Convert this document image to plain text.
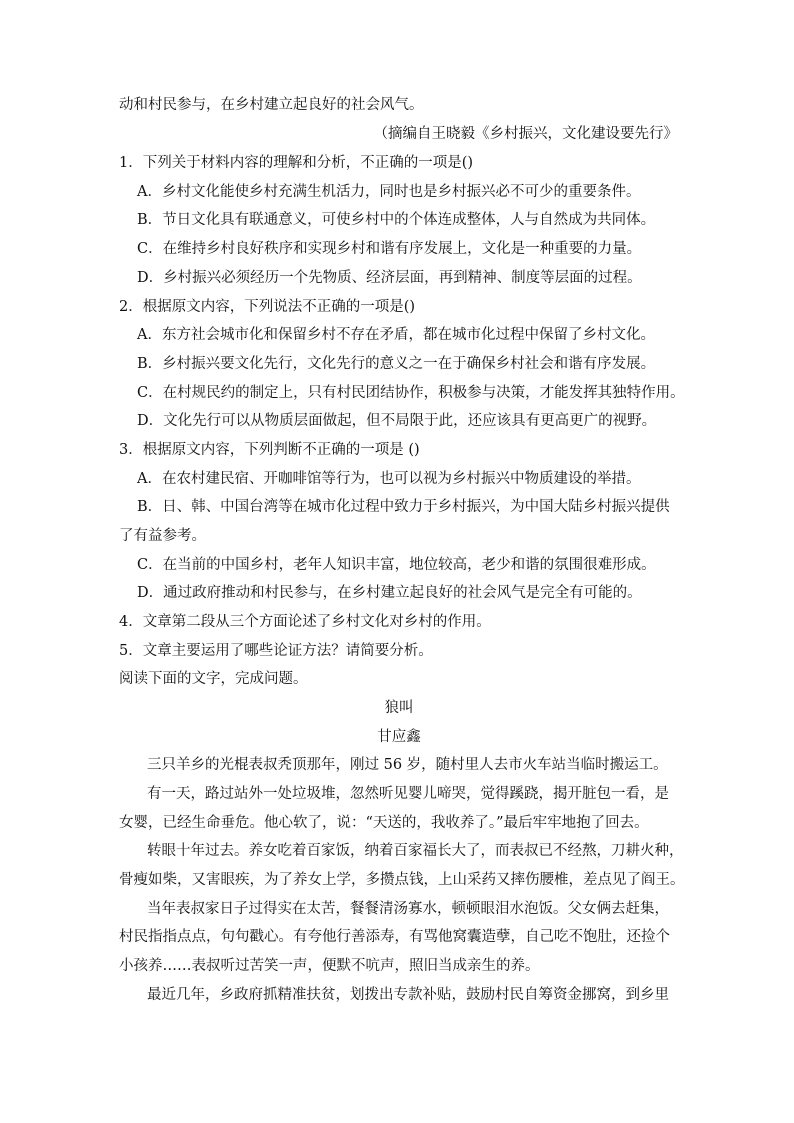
动和村民参与，在乡村建立起良好的社会风气。
（摘编自王晓毅《乡村振兴，文化建设要先行》
1．下列关于材料内容的理解和分析，不正确的一项是()
A．乡村文化能使乡村充满生机活力，同时也是乡村振兴必不可少的重要条件。
B．节日文化具有联通意义，可使乡村中的个体连成整体，人与自然成为共同体。
C．在维持乡村良好秩序和实现乡村和谐有序发展上，文化是一种重要的力量。
D．乡村振兴必须经历一个先物质、经济层面，再到精神、制度等层面的过程。
2．根据原文内容，下列说法不正确的一项是()
A．东方社会城市化和保留乡村不存在矛盾，都在城市化过程中保留了乡村文化。
B．乡村振兴要文化先行，文化先行的意义之一在于确保乡村社会和谐有序发展。
C．在村规民约的制定上，只有村民团结协作，积极参与决策，才能发挥其独特作用。
D．文化先行可以从物质层面做起，但不局限于此，还应该具有更高更广的视野。
3．根据原文内容，下列判断不正确的一项是 ()
A．在农村建民宿、开咖啡馆等行为，也可以视为乡村振兴中物质建设的举措。
B．日、韩、中国台湾等在城市化过程中致力于乡村振兴，为中国大陆乡村振兴提供
了有益参考。
C．在当前的中国乡村，老年人知识丰富，地位较高，老少和谐的氛围很难形成。
D．通过政府推动和村民参与，在乡村建立起良好的社会风气是完全有可能的。
4．文章第二段从三个方面论述了乡村文化对乡村的作用。
5．文章主要运用了哪些论证方法？请简要分析。
阅读下面的文字，完成问题。
狼叫
甘应鑫
三只羊乡的光棍表叔秃顶那年，刚过 56 岁，随村里人去市火车站当临时搬运工。
有一天，路过站外一处垃圾堆，忽然听见婴儿啼哭，觉得蹊跷，揭开脏包一看，是
女婴，已经生命垂危。他心软了，说：“天送的，我收养了。”最后牢牢地抱了回去。
转眼十年过去。养女吃着百家饭，纳着百家福长大了，而表叔已不经熬，刀耕火种，
骨瘦如柴，又害眼疾，为了养女上学，多攒点钱，上山采药又摔伤腰椎，差点见了阎王。
当年表叔家日子过得实在太苦，餐餐清汤寡水，顿顿眼泪水泡饭。父女俩去赶集，
村民指指点点，句句戳心。有夸他行善添寿，有骂他窝囊造孽，自己吃不饱肚，还捡个
小孩养……表叔听过苦笑一声，便默不吭声，照旧当成亲生的养。
最近几年，乡政府抓精准扶贫，划拨出专款补贴，鼓励村民自筹资金挪窝，到乡里
